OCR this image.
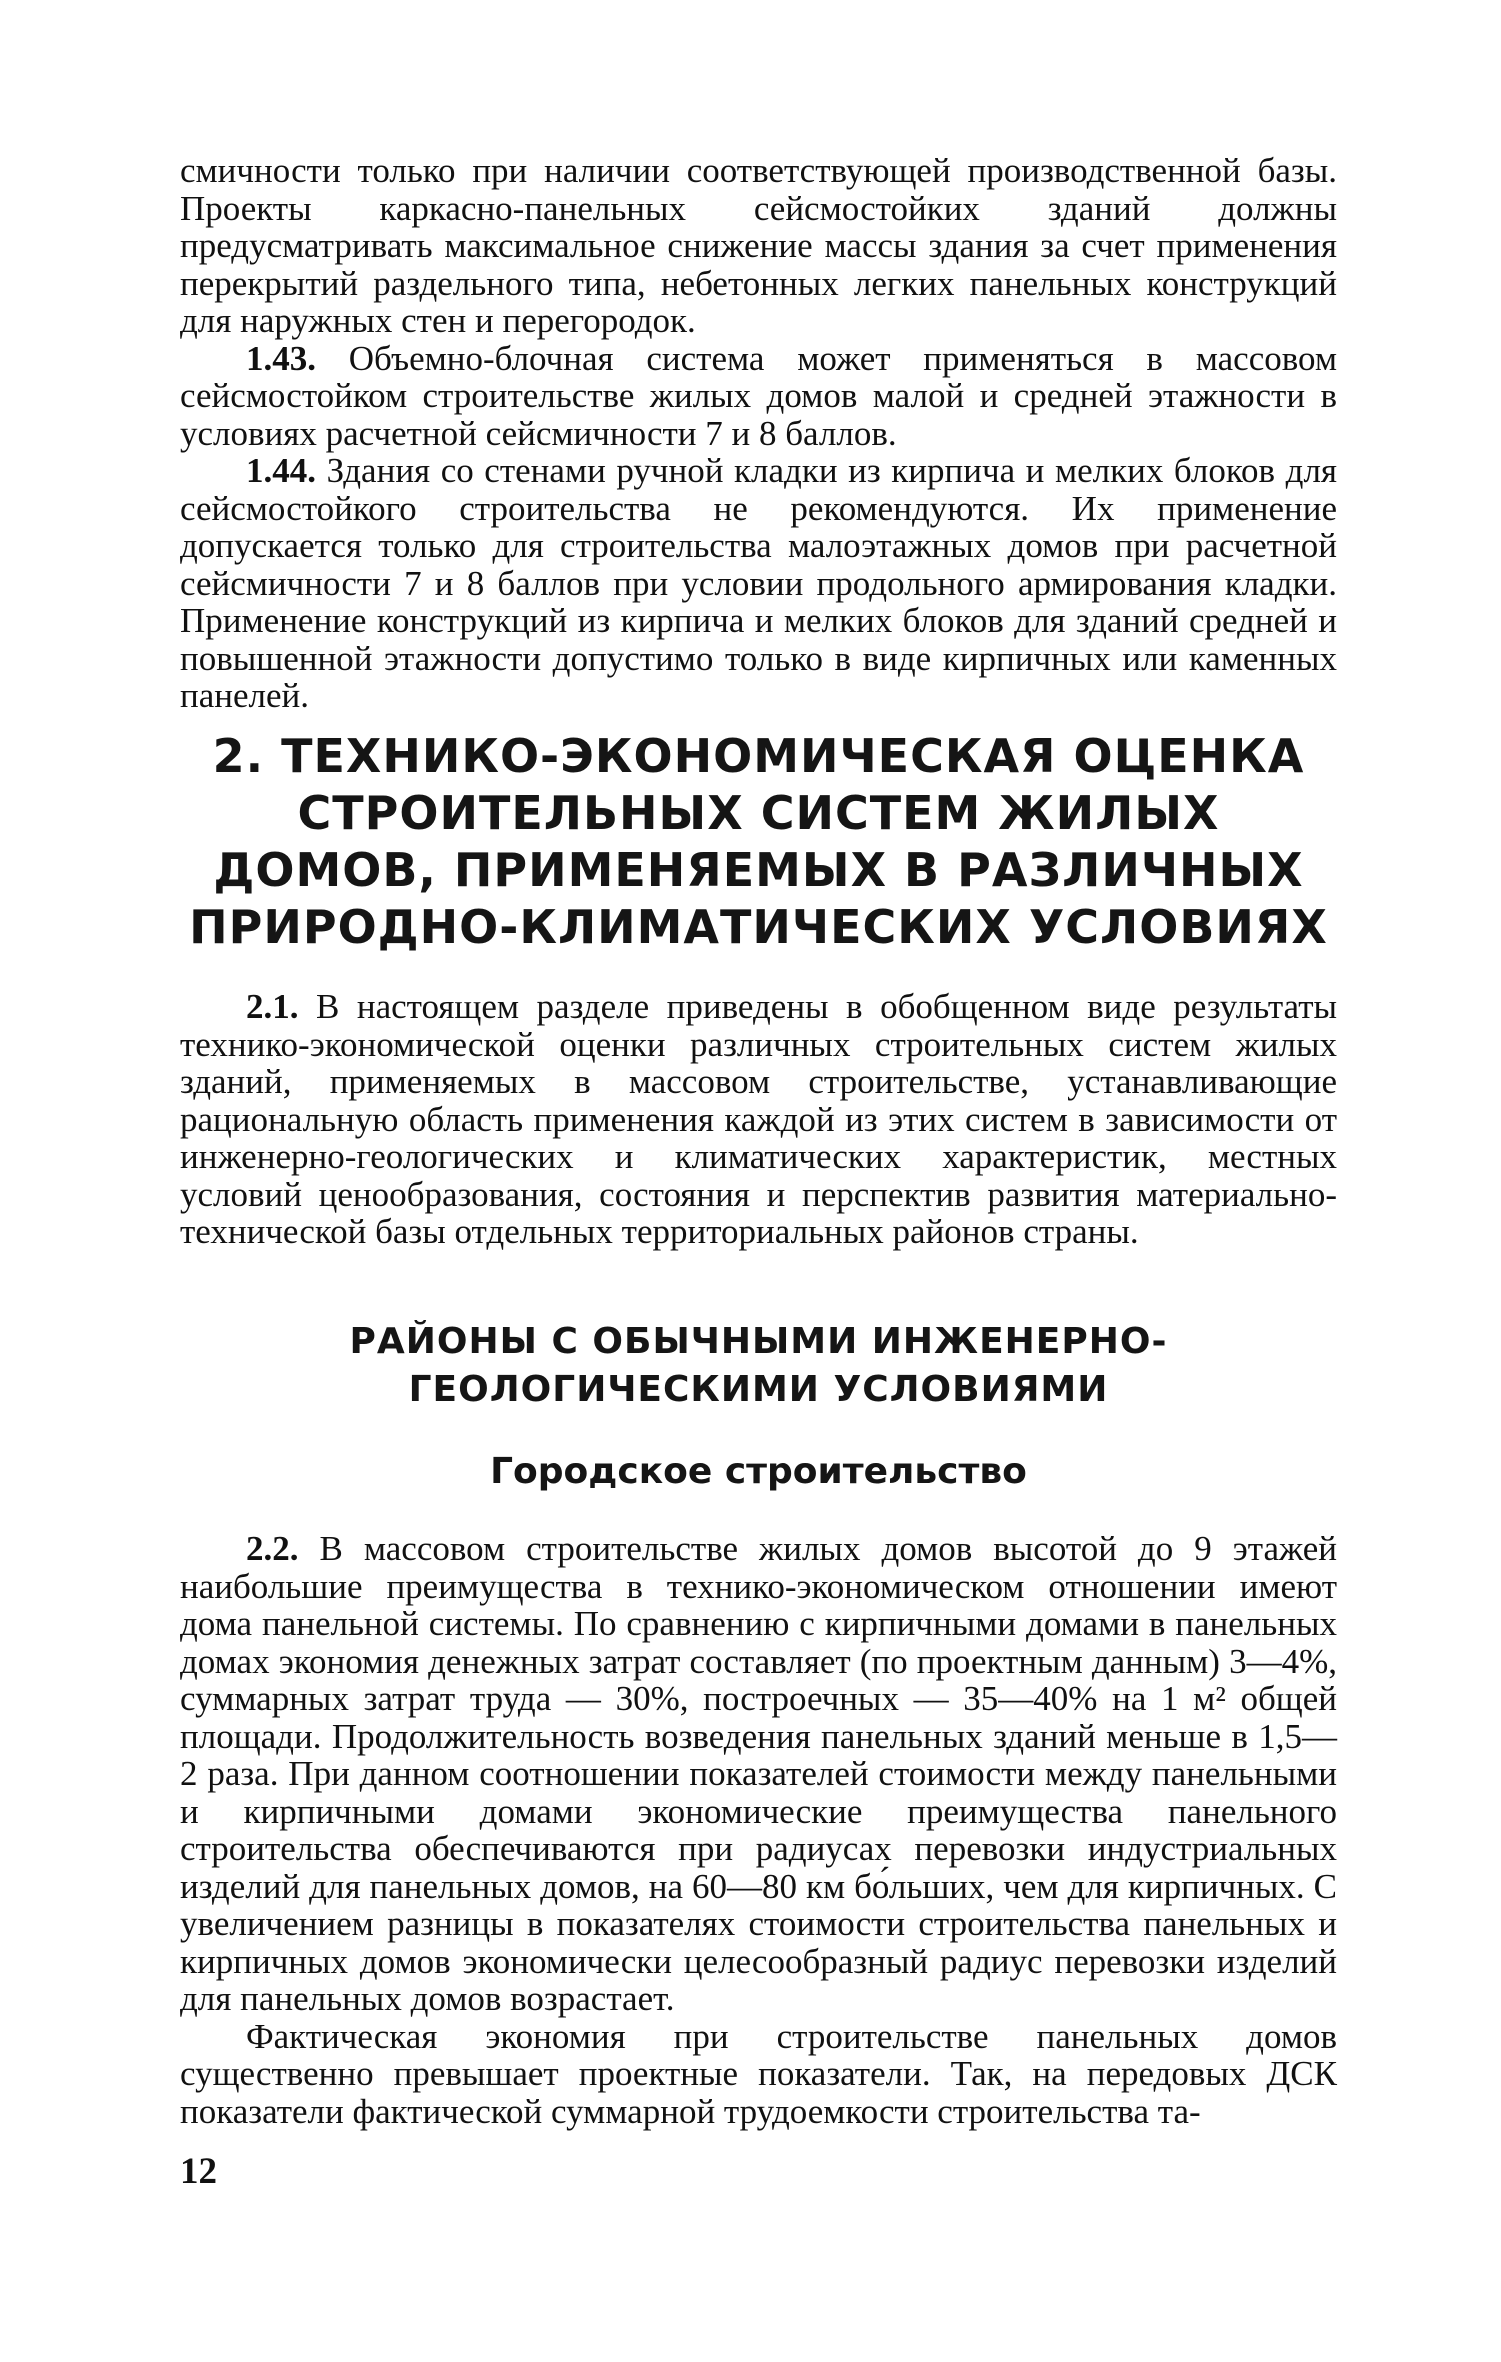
смичности только при наличии соответствующей производственной базы. Проекты каркасно-панельных сейсмостойких зданий должны предусматривать максимальное снижение массы здания за счет применения перекрытий раздельного типа, небетонных легких панельных конструкций для наружных стен и перегородок.

1.43. Объемно-блочная система может применяться в массовом сейсмостойком строительстве жилых домов малой и средней этажности в условиях расчетной сейсмичности 7 и 8 баллов.

1.44. Здания со стенами ручной кладки из кирпича и мелких блоков для сейсмостойкого строительства не рекомендуются. Их применение допускается только для строительства малоэтажных домов при расчетной сейсмичности 7 и 8 баллов при условии продольного армирования кладки. Применение конструкций из кирпича и мелких блоков для зданий средней и повышенной этажности допустимо только в виде кирпичных или каменных панелей.

2. ТЕХНИКО-ЭКОНОМИЧЕСКАЯ ОЦЕНКА СТРОИТЕЛЬНЫХ СИСТЕМ ЖИЛЫХ ДОМОВ, ПРИМЕНЯЕМЫХ В РАЗЛИЧНЫХ ПРИРОДНО-КЛИМАТИЧЕСКИХ УСЛОВИЯХ

2.1. В настоящем разделе приведены в обобщенном виде результаты технико-экономической оценки различных строительных систем жилых зданий, применяемых в массовом строительстве, устанавливающие рациональную область применения каждой из этих систем в зависимости от инженерно-геологических и климатических характеристик, местных условий ценообразования, состояния и перспектив развития материально-технической базы отдельных территориальных районов страны.

РАЙОНЫ С ОБЫЧНЫМИ ИНЖЕНЕРНО-ГЕОЛОГИЧЕСКИМИ УСЛОВИЯМИ
Городское строительство

2.2. В массовом строительстве жилых домов высотой до 9 этажей наибольшие преимущества в технико-экономическом отношении имеют дома панельной системы. По сравнению с кирпичными домами в панельных домах экономия денежных затрат составляет (по проектным данным) 3—4%, суммарных затрат труда — 30%, построечных — 35—40% на 1 м² общей площади. Продолжительность возведения панельных зданий меньше в 1,5—2 раза. При данном соотношении показателей стоимости между панельными и кирпичными домами экономические преимущества панельного строительства обеспечиваются при радиусах перевозки индустриальных изделий для панельных домов, на 60—80 км бо́льших, чем для кирпичных. С увеличением разницы в показателях стоимости строительства панельных и кирпичных домов экономически целесообразный радиус перевозки изделий для панельных домов возрастает.

Фактическая экономия при строительстве панельных домов существенно превышает проектные показатели. Так, на передовых ДСК показатели фактической суммарной трудоемкости строительства та-

12
